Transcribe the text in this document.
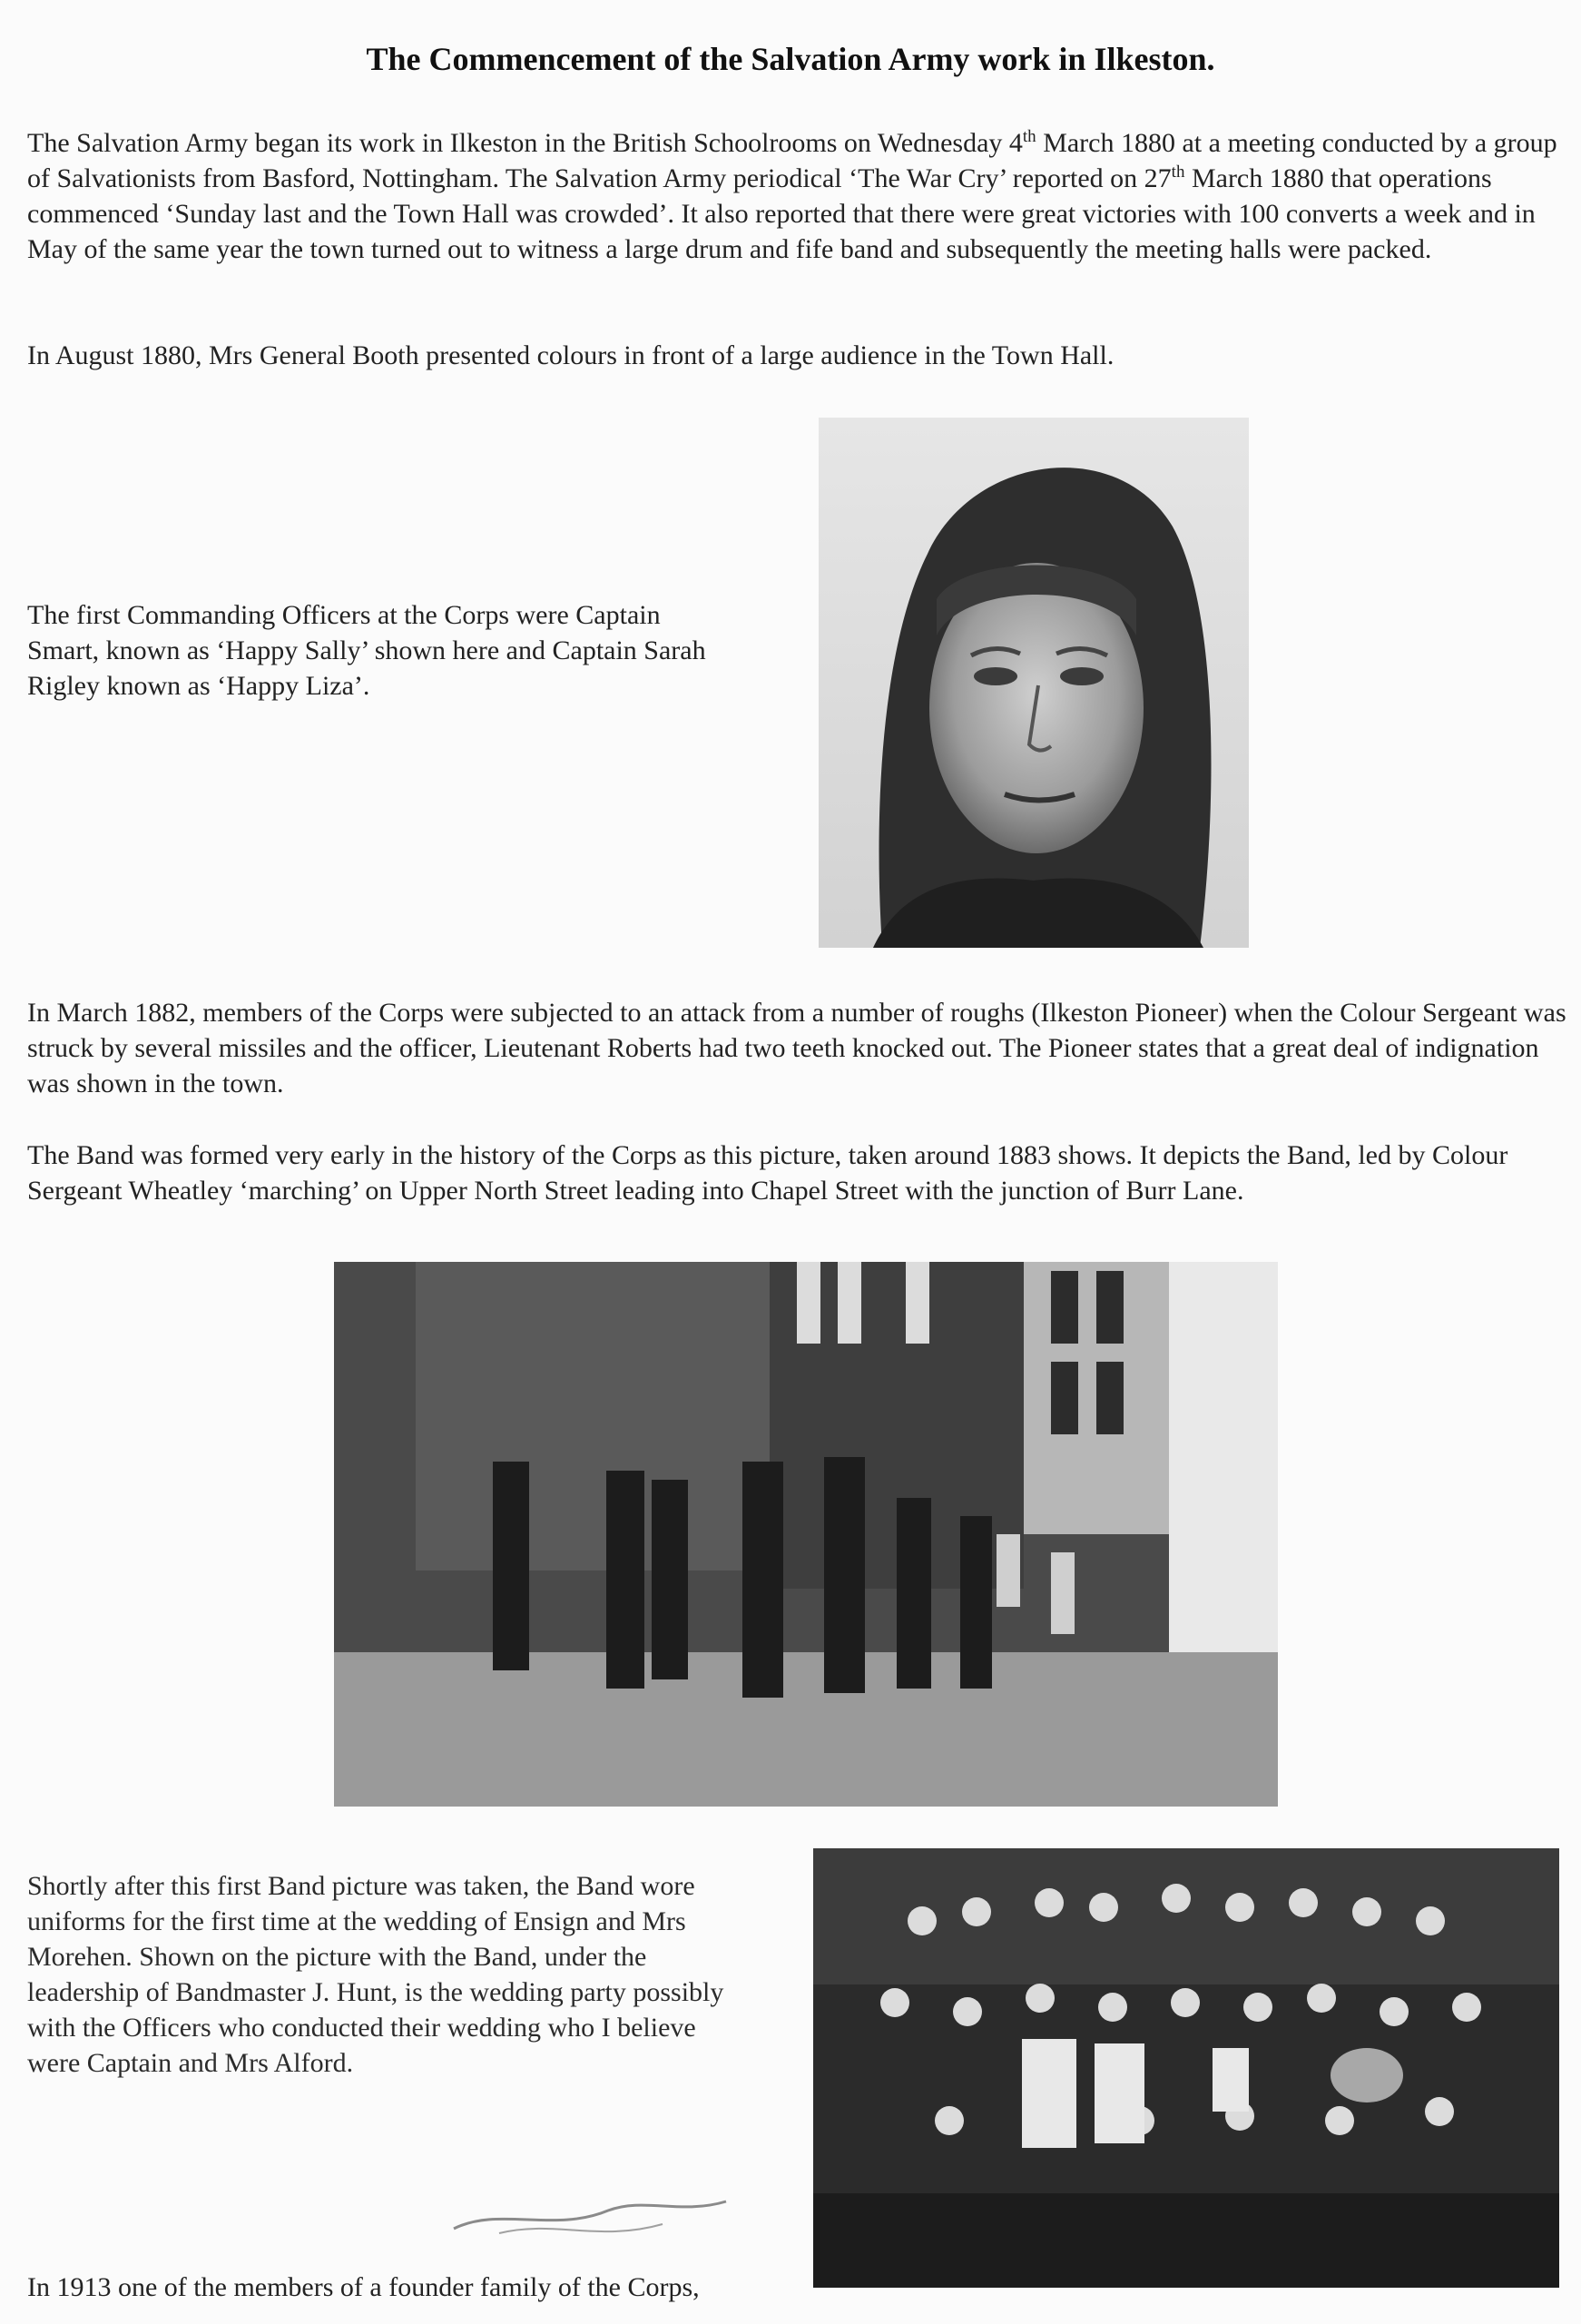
The Commencement of the Salvation Army work in Ilkeston.

The Salvation Army began its work in Ilkeston in the British Schoolrooms on Wednesday 4th March 1880 at a meeting conducted by a group of Salvationists from Basford, Nottingham. The Salvation Army periodical ‘The War Cry’ reported on 27th March 1880 that operations commenced ‘Sunday last and the Town Hall was crowded’. It also reported that there were great victories with 100 converts a week and in May of the same year the town turned out to witness a large drum and fife band and subsequently the meeting halls were packed.

In August 1880, Mrs General Booth presented colours in front of a large audience in the Town Hall.

The first Commanding Officers at the Corps were Captain Smart, known as ‘Happy Sally’ shown here and Captain Sarah Rigley known as ‘Happy Liza’.

In March 1882, members of the Corps were subjected to an attack from a number of roughs (Ilkeston Pioneer) when the Colour Sergeant was struck by several missiles and the officer, Lieutenant Roberts had two teeth knocked out. The Pioneer states that a great deal of indignation was shown in the town.

The Band was formed very early in the history of the Corps as this picture, taken around 1883 shows. It depicts the Band, led by Colour Sergeant Wheatley ‘marching’ on Upper North Street leading into Chapel Street with the junction of Burr Lane.

Shortly after this first Band picture was taken, the Band wore uniforms for the first time at the wedding of Ensign and Mrs Morehen. Shown on the picture with the Band, under the leadership of Bandmaster J. Hunt, is the wedding party possibly with the Officers who conducted their wedding who I believe were Captain and Mrs Alford.

In 1913 one of the members of a founder family of the Corps,
